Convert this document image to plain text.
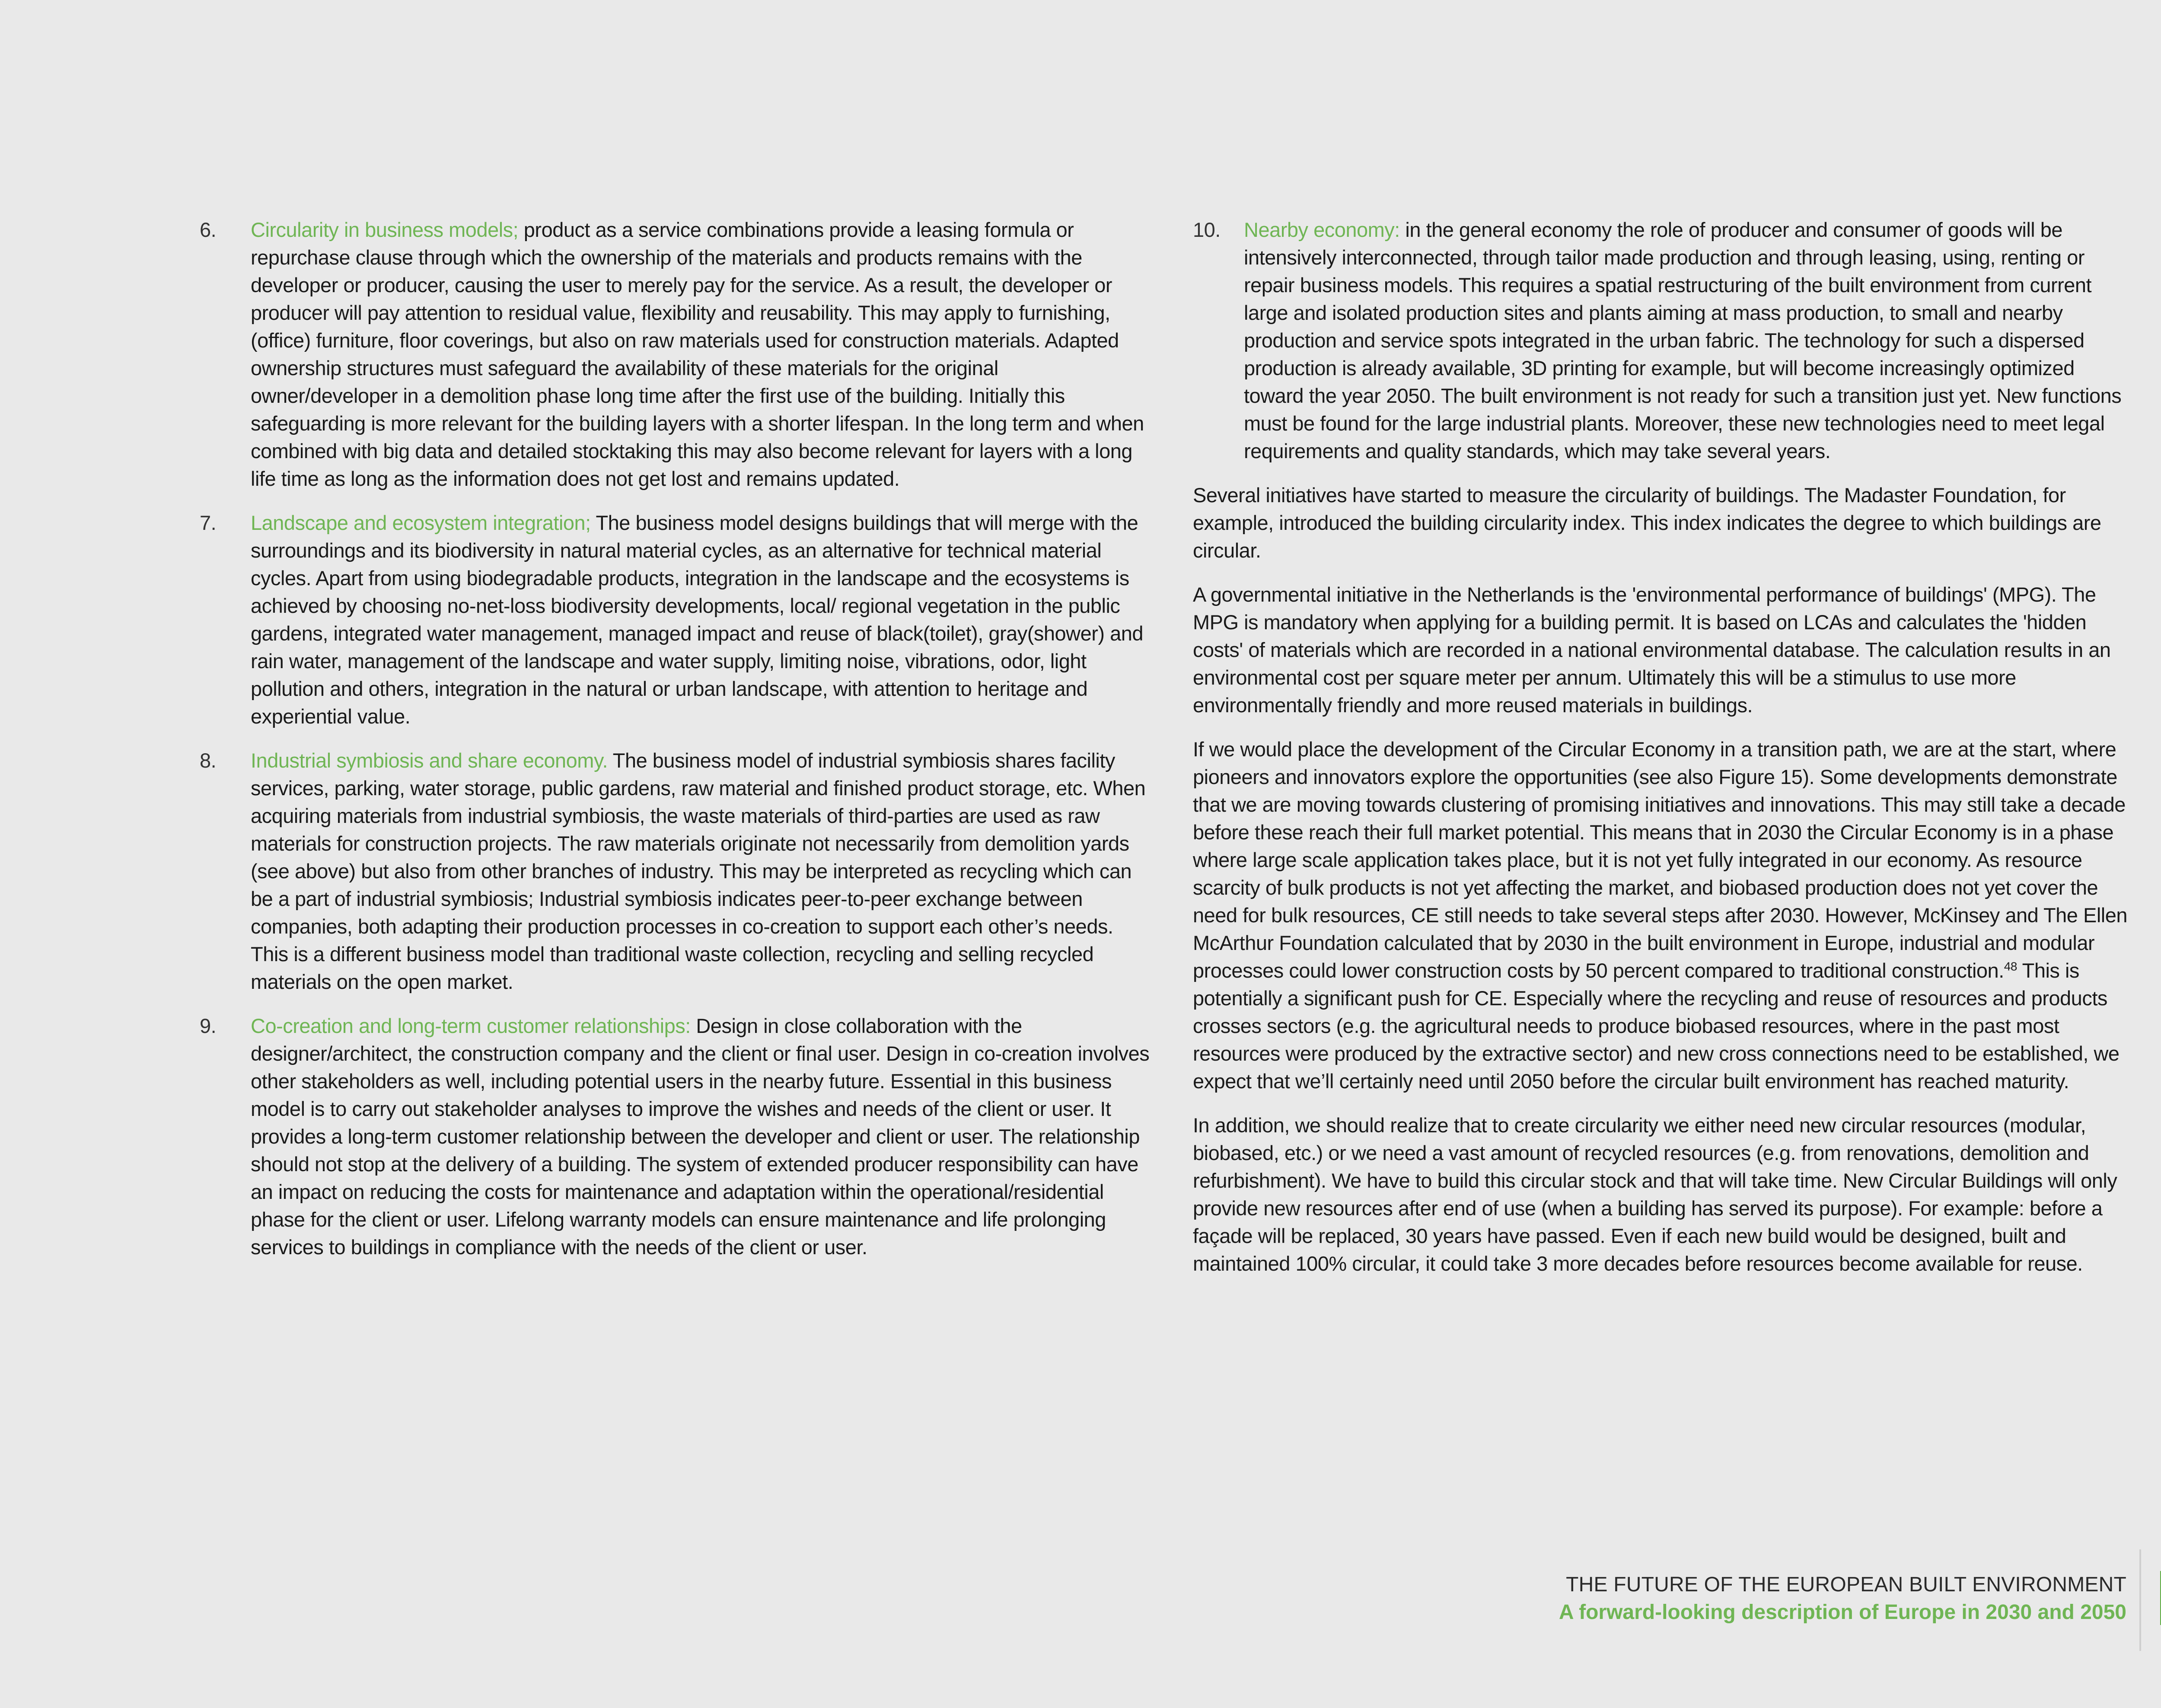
6. Circularity in business models; product as a service combinations provide a leasing formula or repurchase clause through which the ownership of the materials and products remains with the developer or producer, causing the user to merely pay for the service. As a result, the developer or producer will pay attention to residual value, flexibility and reusability. This may apply to furnishing, (office) furniture, floor coverings, but also on raw materials used for construction materials. Adapted ownership structures must safeguard the availability of these materials for the original owner/developer in a demolition phase long time after the first use of the building. Initially this safeguarding is more relevant for the building layers with a shorter lifespan. In the long term and when combined with big data and detailed stocktaking this may also become relevant for layers with a long life time as long as the information does not get lost and remains updated.
7. Landscape and ecosystem integration; The business model designs buildings that will merge with the surroundings and its biodiversity in natural material cycles, as an alternative for technical material cycles. Apart from using biodegradable products, integration in the landscape and the ecosystems is achieved by choosing no-net-loss biodiversity developments, local/ regional vegetation in the public gardens, integrated water management, managed impact and reuse of black(toilet), gray(shower) and rain water, management of the landscape and water supply, limiting noise, vibrations, odor, light pollution and others, integration in the natural or urban landscape, with attention to heritage and experiential value.
8. Industrial symbiosis and share economy. The business model of industrial symbiosis shares facility services, parking, water storage, public gardens, raw material and finished product storage, etc. When acquiring materials from industrial symbiosis, the waste materials of third-parties are used as raw materials for construction projects. The raw materials originate not necessarily from demolition yards (see above) but also from other branches of industry. This may be interpreted as recycling which can be a part of industrial symbiosis; Industrial symbiosis indicates peer-to-peer exchange between companies, both adapting their production processes in co-creation to support each other’s needs. This is a different business model than traditional waste collection, recycling and selling recycled materials on the open market.
9. Co-creation and long-term customer relationships: Design in close collaboration with the designer/architect, the construction company and the client or final user. Design in co-creation involves other stakeholders as well, including potential users in the nearby future. Essential in this business model is to carry out stakeholder analyses to improve the wishes and needs of the client or user. It provides a long-term customer relationship between the developer and client or user. The relationship should not stop at the delivery of a building. The system of extended producer responsibility can have an impact on reducing the costs for maintenance and adaptation within the operational/residential phase for the client or user. Lifelong warranty models can ensure maintenance and life prolonging services to buildings in compliance with the needs of the client or user.
10. Nearby economy: in the general economy the role of producer and consumer of goods will be intensively interconnected, through tailor made production and through leasing, using, renting or repair business models. This requires a spatial restructuring of the built environment from current large and isolated production sites and plants aiming at mass production, to small and nearby production and service spots integrated in the urban fabric. The technology for such a dispersed production is already available, 3D printing for example, but will become increasingly optimized toward the year 2050. The built environment is not ready for such a transition just yet. New functions must be found for the large industrial plants. Moreover, these new technologies need to meet legal requirements and quality standards, which may take several years.

Several initiatives have started to measure the circularity of buildings. The Madaster Foundation, for example, introduced the building circularity index. This index indicates the degree to which buildings are circular.

A governmental initiative in the Netherlands is the 'environmental performance of buildings' (MPG). The MPG is mandatory when applying for a building permit. It is based on LCAs and calculates the 'hidden costs' of materials which are recorded in a national environmental database. The calculation results in an environmental cost per square meter per annum. Ultimately this will be a stimulus to use more environmentally friendly and more reused materials in buildings.

If we would place the development of the Circular Economy in a transition path, we are at the start, where pioneers and innovators explore the opportunities (see also Figure 15). Some developments demonstrate that we are moving towards clustering of promising initiatives and innovations. This may still take a decade before these reach their full market potential. This means that in 2030 the Circular Economy is in a phase where large scale application takes place, but it is not yet fully integrated in our economy. As resource scarcity of bulk products is not yet affecting the market, and biobased production does not yet cover the need for bulk resources, CE still needs to take several steps after 2030. However, McKinsey and The Ellen McArthur Foundation calculated that by 2030 in the built environment in Europe, industrial and modular processes could lower construction costs by 50 percent compared to traditional construction.$^{48}$ This is potentially a significant push for CE. Especially where the recycling and reuse of resources and products crosses sectors (e.g. the agricultural needs to produce biobased resources, where in the past most resources were produced by the extractive sector) and new cross connections need to be established, we expect that we’ll certainly need until 2050 before the circular built environment has reached maturity.

In addition, we should realize that to create circularity we either need new circular resources (modular, biobased, etc.) or we need a vast amount of recycled resources (e.g. from renovations, demolition and refurbishment). We have to build this circular stock and that will take time. New Circular Buildings will only provide new resources after end of use (when a building has served its purpose). For example: before a façade will be replaced, 30 years have passed. Even if each new build would be designed, built and maintained 100% circular, it could take 3 more decades before resources become available for reuse.

THE FUTURE OF THE EUROPEAN BUILT ENVIRONMENT
A forward-looking description of Europe in 2030 and 2050
